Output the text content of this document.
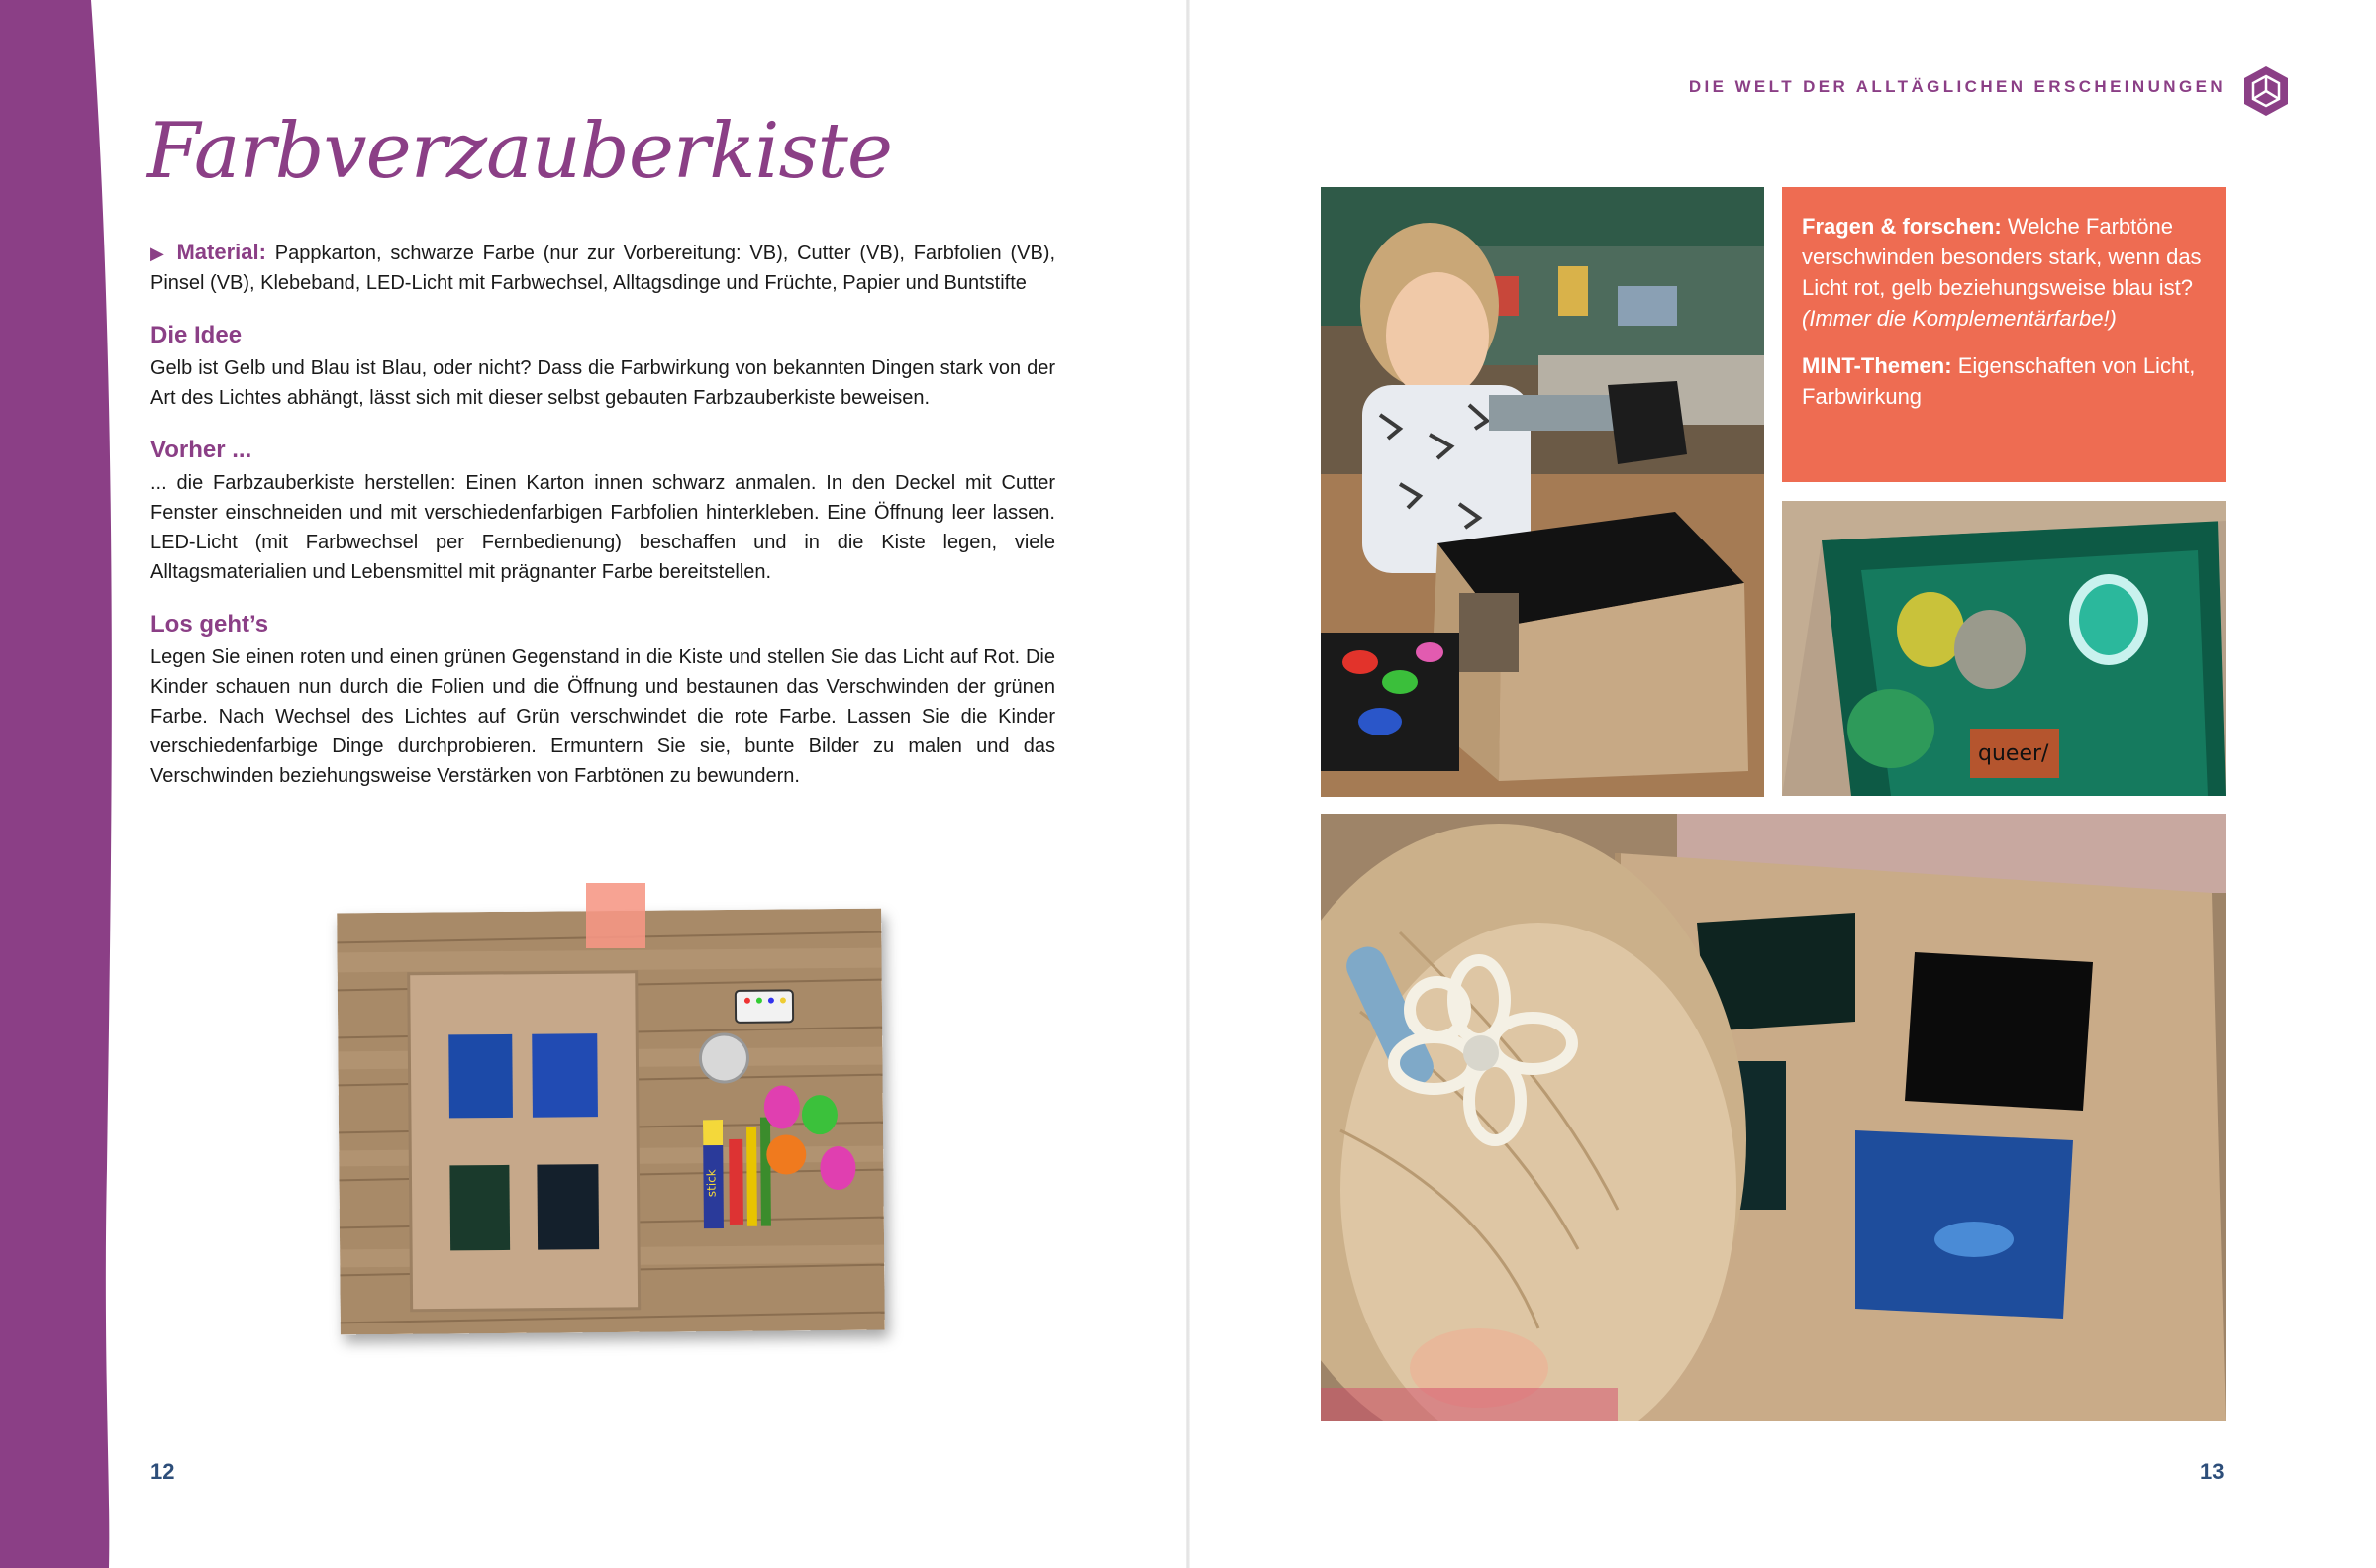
Farbverzauberkiste

▶ Material: Pappkarton, schwarze Farbe (nur zur Vorbereitung: VB), Cutter (VB), Farbfolien (VB), Pinsel (VB), Klebeband, LED-Licht mit Farbwechsel, Alltagsdinge und Früchte, Papier und Buntstifte

Die Idee

Gelb ist Gelb und Blau ist Blau, oder nicht? Dass die Farbwirkung von bekannten Dingen stark von der Art des Lichtes abhängt, lässt sich mit dieser selbst gebauten Farbzauberkiste beweisen.

Vorher ...

... die Farbzauberkiste herstellen: Einen Karton innen schwarz anmalen. In den Deckel mit Cutter Fenster einschneiden und mit verschiedenfarbigen Farbfolien hinterkleben. Eine Öffnung leer lassen. LED-Licht (mit Farbwechsel per Fernbedienung) beschaffen und in die Kiste legen, viele Alltagsmaterialien und Lebensmittel mit prägnanter Farbe bereitstellen.

Los geht’s

Legen Sie einen roten und einen grünen Gegenstand in die Kiste und stellen Sie das Licht auf Rot. Die Kinder schauen nun durch die Folien und die Öffnung und bestaunen das Verschwinden der grünen Farbe. Nach Wechsel des Lichtes auf Grün verschwindet die rote Farbe. Lassen Sie die Kinder verschiedenfarbige Dinge durchprobieren. Ermuntern Sie sie, bunte Bilder zu malen und das Verschwinden beziehungsweise Verstärken von Farbtönen zu bewundern.

stick
12
DIE WELT DER ALLTÄGLICHEN ERSCHEINUNGEN

Fragen & forschen: Welche Farbtöne verschwinden besonders stark, wenn das Licht rot, gelb beziehungsweise blau ist? (Immer die Komplementärfarbe!)

MINT-Themen: Eigenschaften von Licht, Farbwirkung

queer/
13
